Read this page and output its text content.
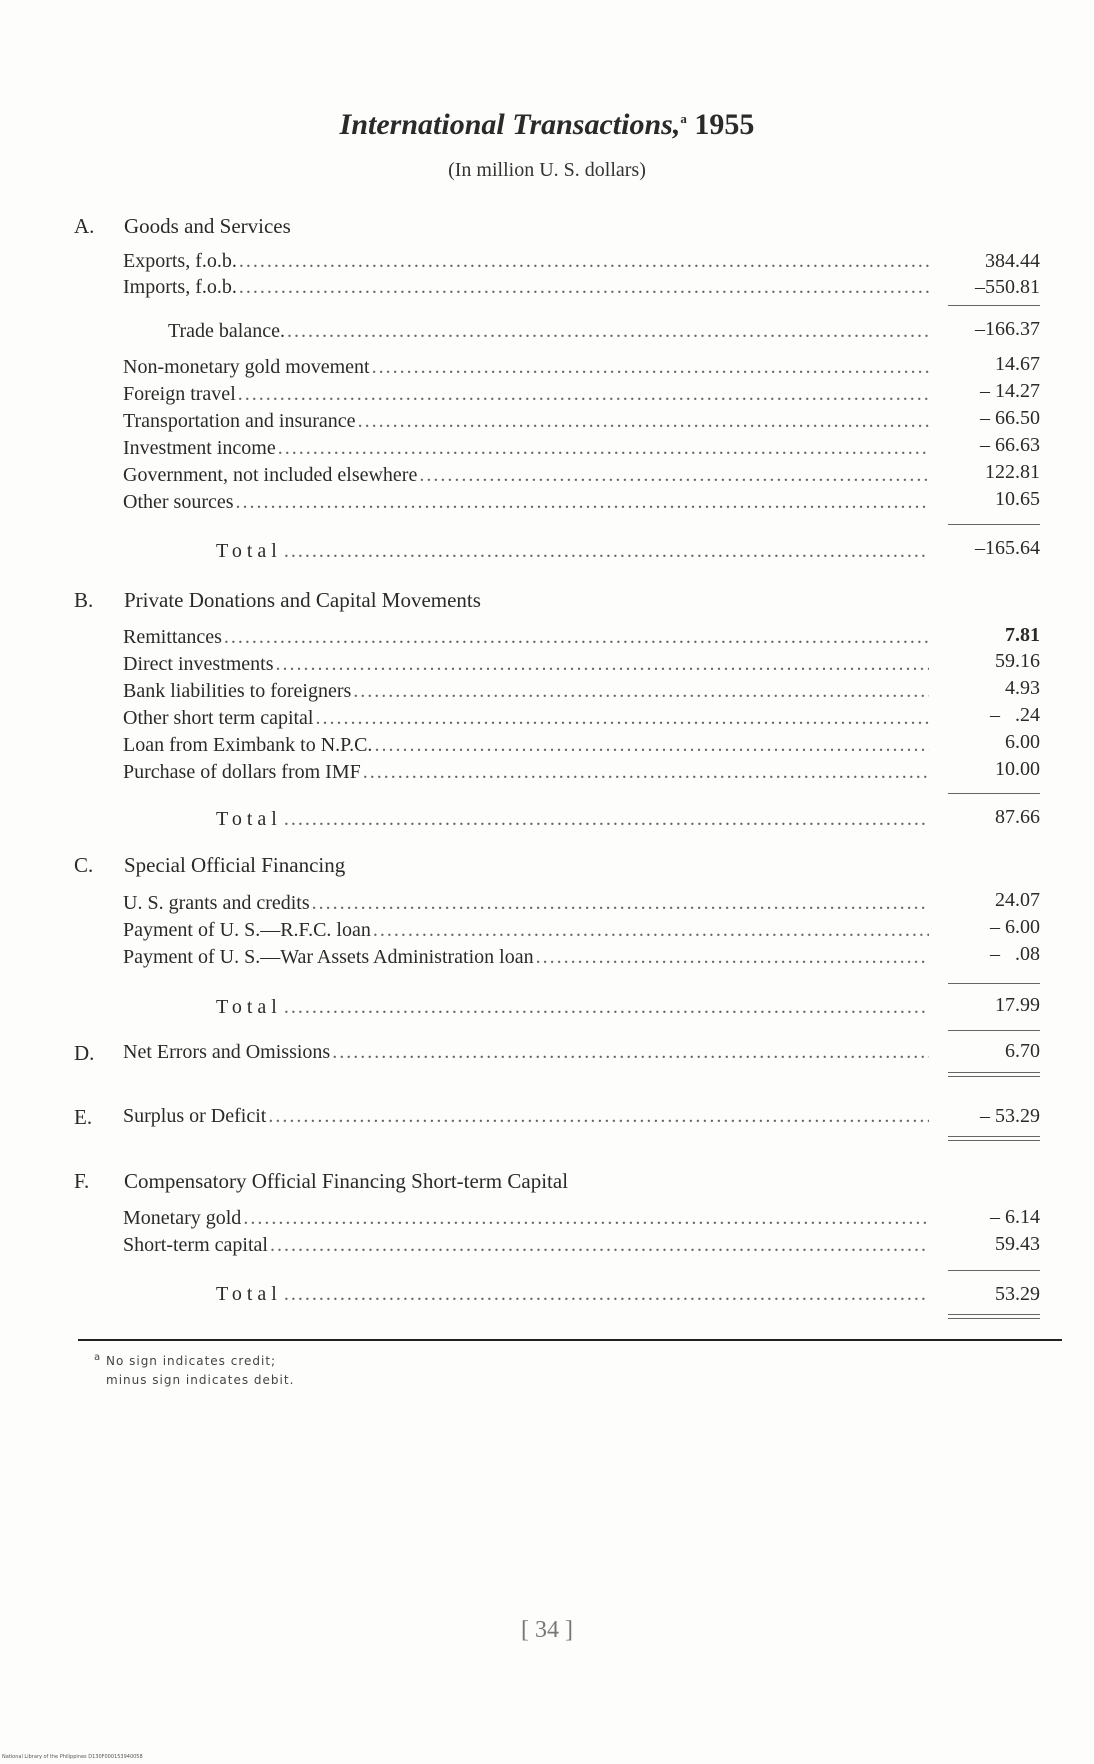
International Transactions,$^a$ 1955
(In million U. S. dollars)
A. Goods and Services
Exports, f.o.b. .....	384.44
Imports, f.o.b. .....	–550.81
Trade balance. .....	–166.37
Non-monetary gold movement .....	14.67
Foreign travel .....	– 14.27
Transportation and insurance .....	– 66.50
Investment income .....	– 66.63
Government, not included elsewhere .....	122.81
Other sources .....	10.65
Total .....	–165.64
B. Private Donations and Capital Movements
Remittances .....	7.81
Direct investments .....	59.16
Bank liabilities to foreigners .....	4.93
Other short term capital .....	–   .24
Loan from Eximbank to N.P.C. .....	6.00
Purchase of dollars from IMF .....	10.00
Total .....	87.66
C. Special Official Financing
U. S. grants and credits .....	24.07
Payment of U. S.—R.F.C. loan .....	– 6.00
Payment of U. S.—War Assets Administration loan .....	–   .08
Total .....	17.99
D.	Net Errors and Omissions .....	6.70
E.	Surplus or Deficit .....	– 53.29
F. Compensatory Official Financing Short-term Capital
Monetary gold .....	– 6.14
Short-term capital .....	59.43
Total .....	53.29
$^a$ No sign indicates credit;
minus sign indicates debit.
[ 34 ]
National Library of the Philippines D130F000153940058
